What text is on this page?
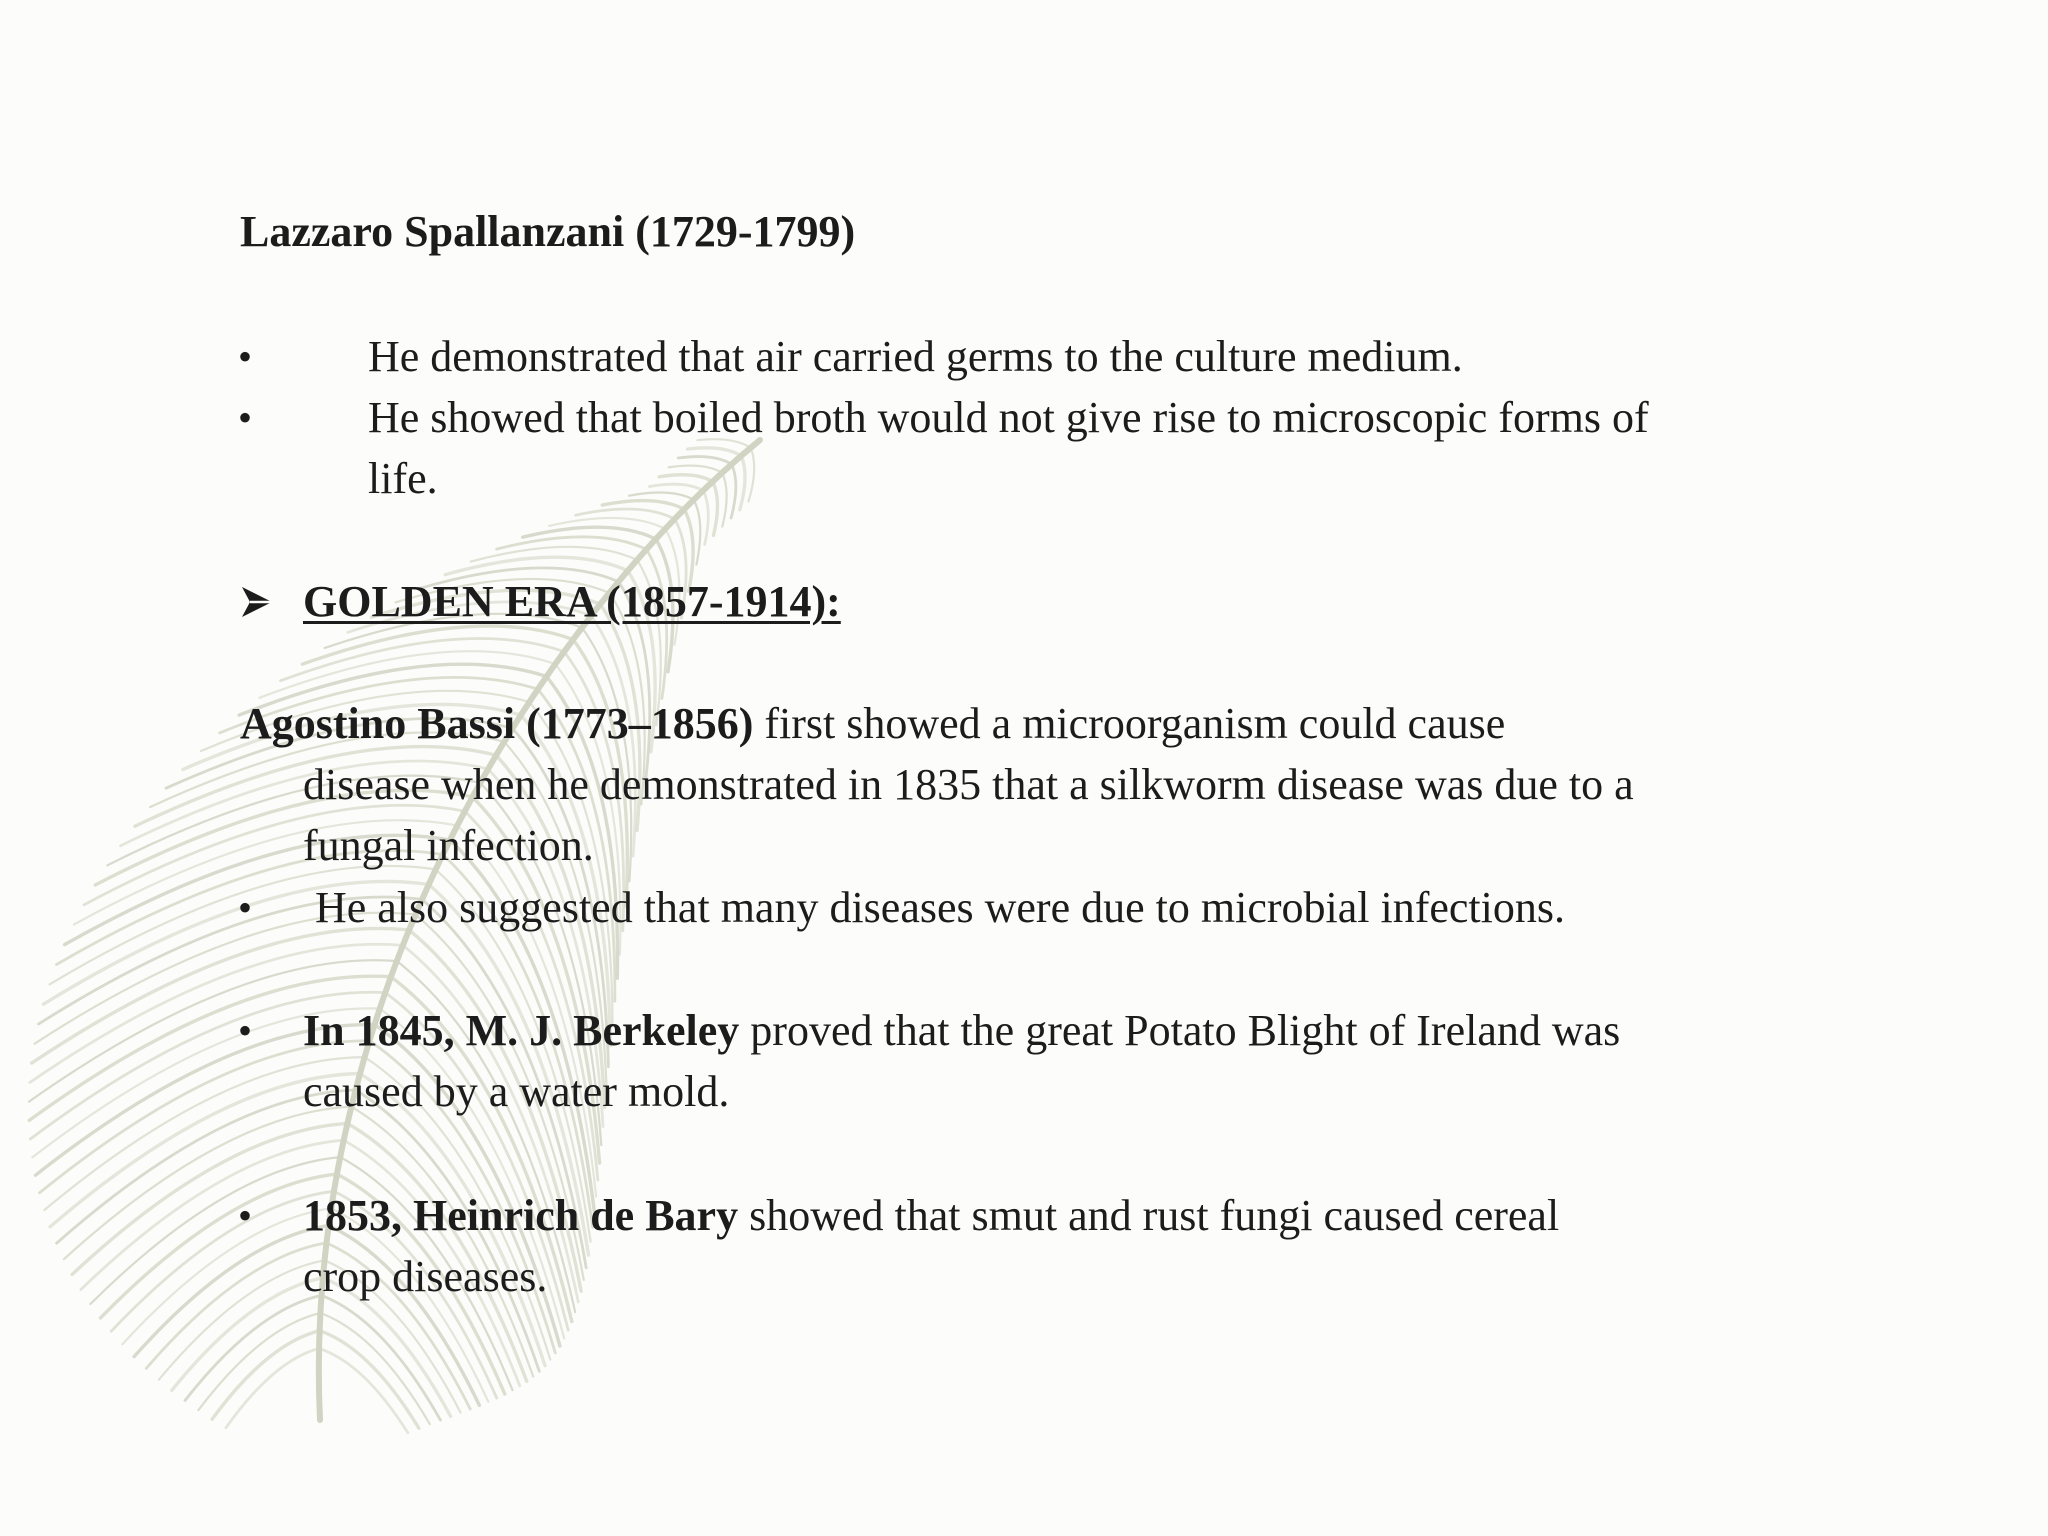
Lazzaro Spallanzani (1729-1799)
•	He demonstrated that air carried germs to the culture medium.
•	He showed that boiled broth would not give rise to microscopic forms of
life.
GOLDEN ERA (1857-1914):
Agostino Bassi (1773–1856) first showed a microorganism could cause
disease when he demonstrated in 1835 that a silkworm disease was due to a
fungal infection.
• He also suggested that many diseases were due to microbial infections.
• In 1845, M. J. Berkeley proved that the great Potato Blight of Ireland was
caused by a water mold.
• 1853, Heinrich de Bary showed that smut and rust fungi caused cereal
crop diseases.
